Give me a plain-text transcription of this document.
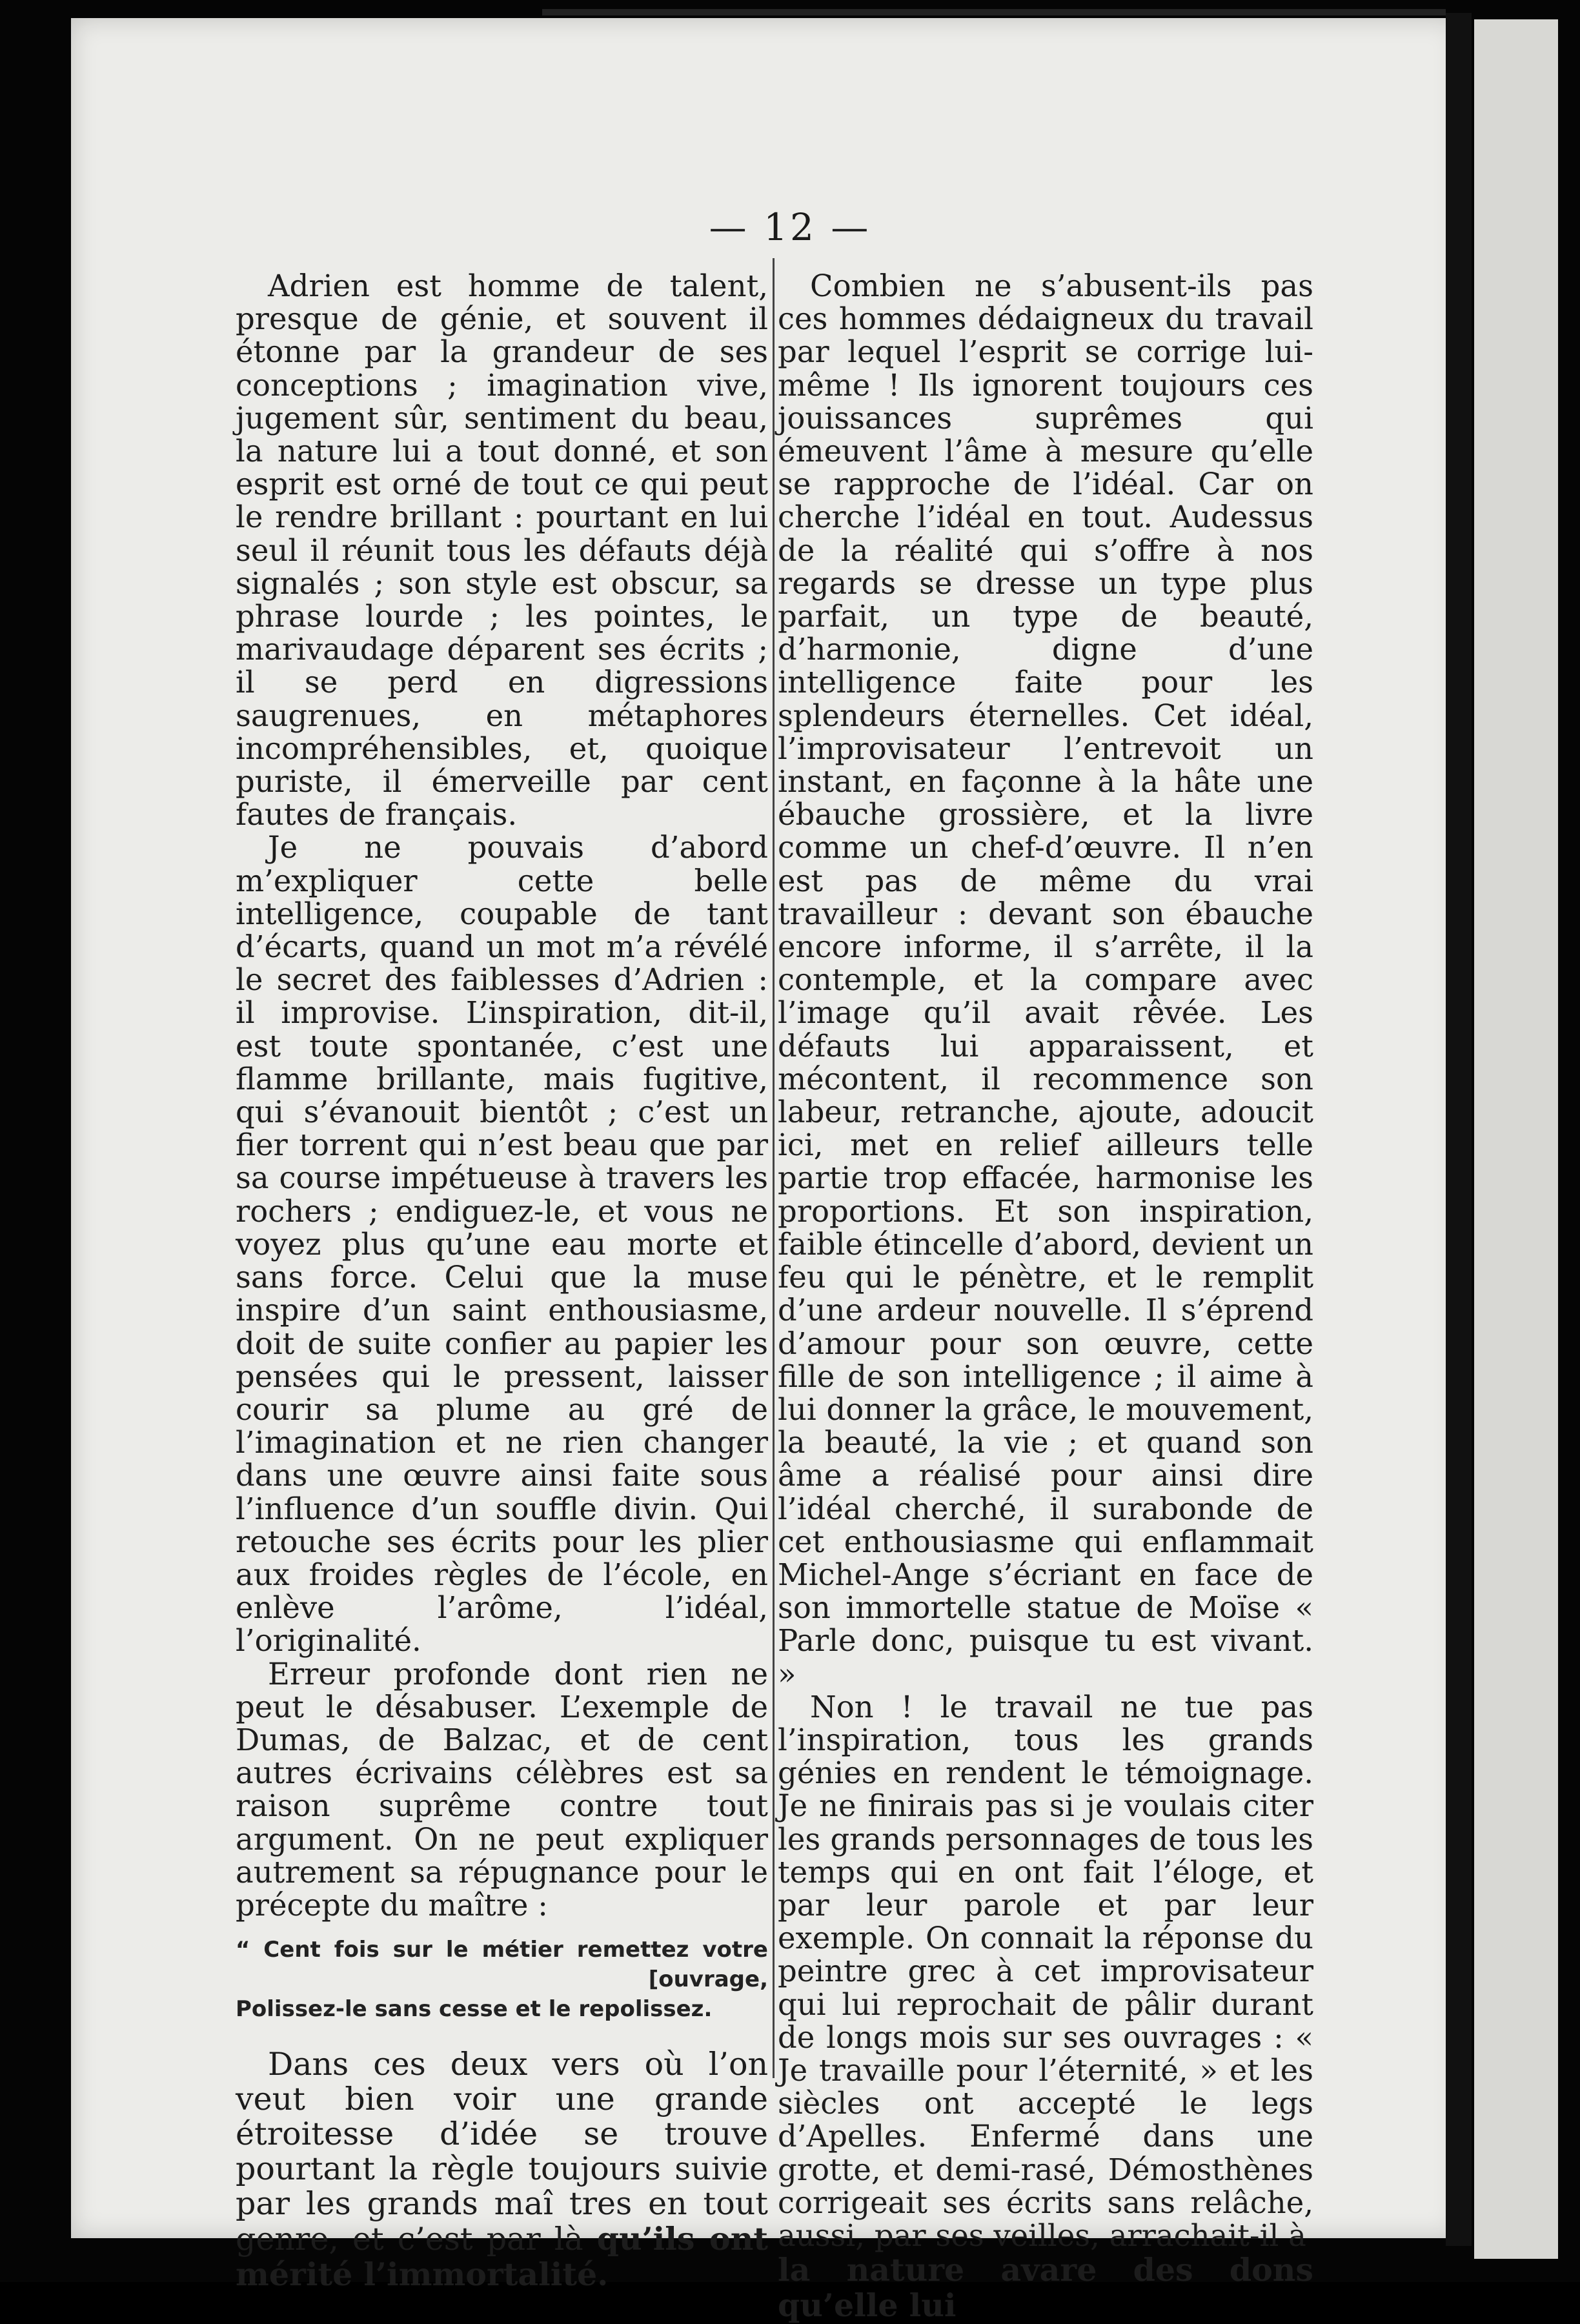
— 12 —

Adrien est homme de talent, presque de génie, et souvent il étonne par la grandeur de ses conceptions ; imagination vive, jugement sûr, sentiment du beau, la nature lui a tout donné, et son esprit est orné de tout ce qui peut le rendre brillant : pourtant en lui seul il réunit tous les défauts déjà signalés ; son style est obscur, sa phrase lourde ; les pointes, le marivaudage déparent ses écrits ; il se perd en digressions saugrenues, en métaphores incompréhensibles, et, quoique puriste, il émerveille par cent fautes de français.

Je ne pouvais d’abord m’expliquer cette belle intelligence, coupable de tant d’écarts, quand un mot m’a révélé le secret des faiblesses d’Adrien : il improvise. L’inspiration, dit-il, est toute spontanée, c’est une flamme brillante, mais fugitive, qui s’évanouit bientôt ; c’est un fier torrent qui n’est beau que par sa course impétueuse à travers les rochers ; endiguez-le, et vous ne voyez plus qu’une eau morte et sans force. Celui que la muse inspire d’un saint enthousiasme, doit de suite confier au papier les pensées qui le pressent, laisser courir sa plume au gré de l’imagination et ne rien changer dans une œuvre ainsi faite sous l’influence d’un souffle divin. Qui retouche ses écrits pour les plier aux froides règles de l’école, en enlève l’arôme, l’idéal, l’originalité.

Erreur profonde dont rien ne peut le désabuser. L’exemple de Dumas, de Balzac, et de cent autres écrivains célèbres est sa raison suprême contre tout argument. On ne peut expliquer autrement sa répugnance pour le précepte du maître :

“ Cent fois sur le métier remettez votre
[ouvrage,
Polissez-le sans cesse et le repolissez.

Dans ces deux vers où l’on veut bien voir une grande étroitesse d’idée se trouve pourtant la règle toujours suivie par les grands maî tres en tout genre, et c’est par là qu’ils ont mérité l’immortalité.

Combien ne s’abusent-ils pas ces hommes dédaigneux du travail par lequel l’esprit se corrige lui-même ! Ils ignorent toujours ces jouissances suprêmes qui émeuvent l’âme à mesure qu’elle se rapproche de l’idéal. Car on cherche l’idéal en tout. Audessus de la réalité qui s’offre à nos regards se dresse un type plus parfait, un type de beauté, d’harmonie, digne d’une intelligence faite pour les splendeurs éternelles. Cet idéal, l’improvisateur l’entrevoit un instant, en façonne à la hâte une ébauche grossière, et la livre comme un chef-d’œuvre. Il n’en est pas de même du vrai travailleur : devant son ébauche encore informe, il s’arrête, il la contemple, et la compare avec l’image qu’il avait rêvée. Les défauts lui apparaissent, et mécontent, il recommence son labeur, retranche, ajoute, adoucit ici, met en relief ailleurs telle partie trop effacée, harmonise les proportions. Et son inspiration, faible étincelle d’abord, devient un feu qui le pénètre, et le remplit d’une ardeur nouvelle. Il s’éprend d’amour pour son œuvre, cette fille de son intelligence ; il aime à lui donner la grâce, le mouvement, la beauté, la vie ; et quand son âme a réalisé pour ainsi dire l’idéal cherché, il surabonde de cet enthousiasme qui enflammait Michel-Ange s’écriant en face de son immortelle statue de Moïse « Parle donc, puisque tu est vivant. »

Non ! le travail ne tue pas l’inspiration, tous les grands génies en rendent le témoignage. Je ne finirais pas si je voulais citer les grands personnages de tous les temps qui en ont fait l’éloge, et par leur parole et par leur exemple. On connait la réponse du peintre grec à cet improvisateur qui lui reprochait de pâlir durant de longs mois sur ses ouvrages : « Je travaille pour l’éternité, » et les siècles ont accepté le legs d’Apelles. Enfermé dans une grotte, et demi-rasé, Démosthènes corrigeait ses écrits sans relâche, aussi, par ses veilles, arrachait-il à

la nature avare des dons qu’elle lui
